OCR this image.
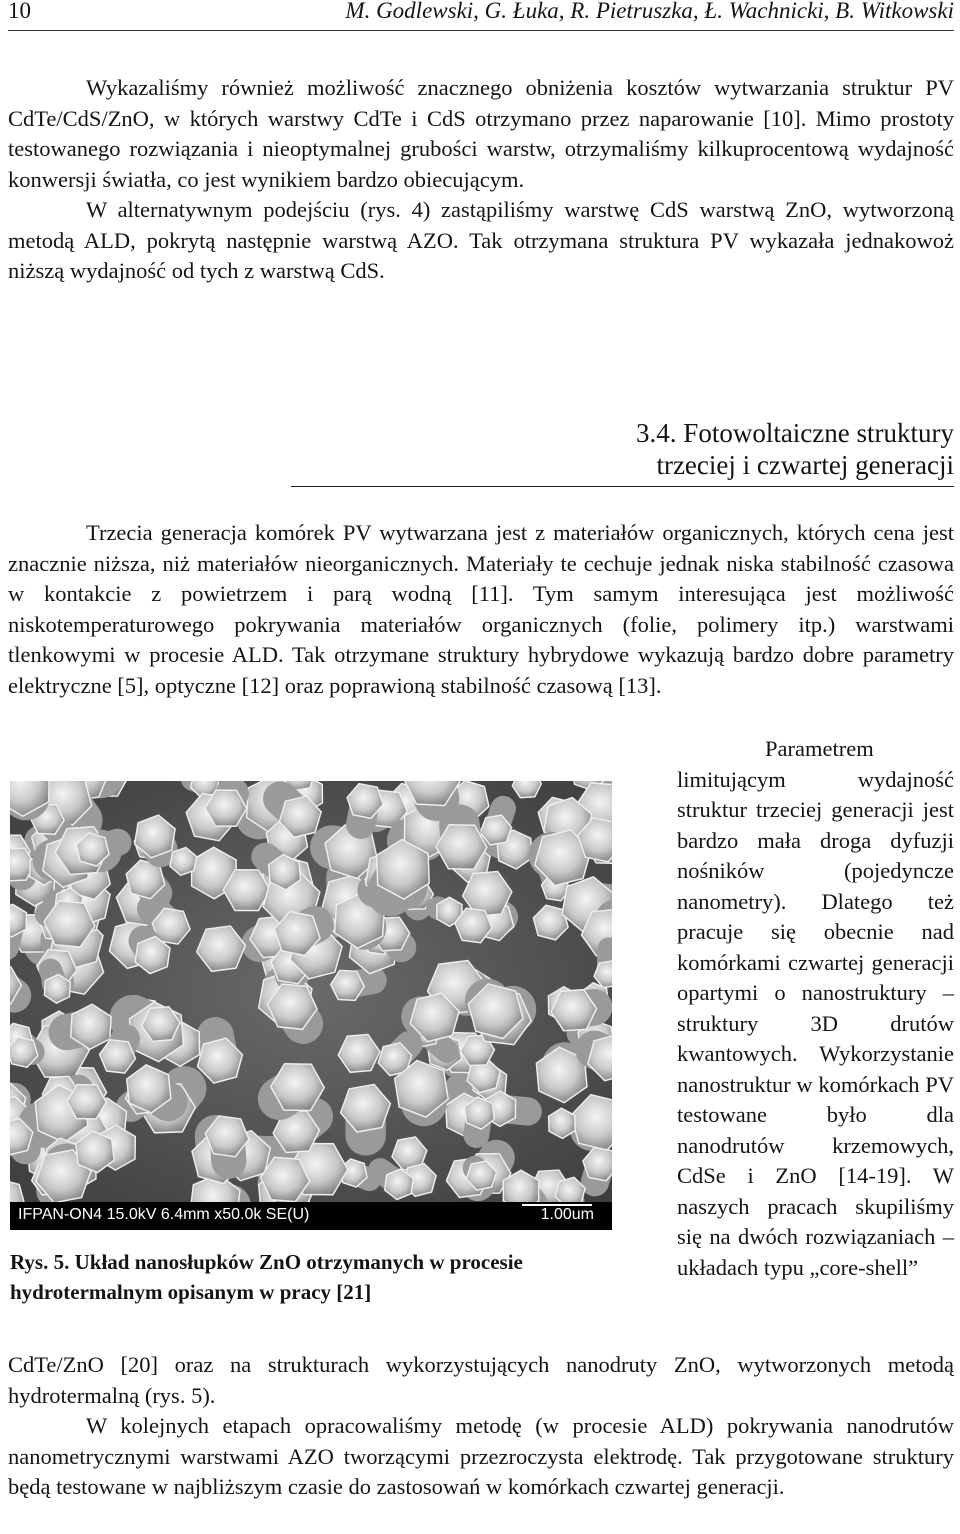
10	M. Godlewski, G. Łuka, R. Pietruszka, Ł. Wachnicki, B. Witkowski

Wykazaliśmy również możliwość znacznego obniżenia kosztów wytwarzania struktur PV CdTe/CdS/ZnO, w których warstwy CdTe i CdS otrzymano przez naparowanie [10]. Mimo prostoty testowanego rozwiązania i nieoptymalnej grubości warstw, otrzymaliśmy kilkuprocentową wydajność konwersji światła, co jest wynikiem bardzo obiecującym.

W alternatywnym podejściu (rys. 4) zastąpiliśmy warstwę CdS warstwą ZnO, wytworzoną metodą ALD, pokrytą następnie warstwą AZO. Tak otrzymana struktura PV wykazała jednakowoż niższą wydajność od tych z warstwą CdS.

3.4. Fotowoltaiczne struktury
trzeciej i czwartej generacji

Trzecia generacja komórek PV wytwarzana jest z materiałów organicznych, których cena jest znacznie niższa, niż materiałów nieorganicznych. Materiały te cechuje jednak niska stabilność czasowa w kontakcie z powietrzem i parą wodną [11]. Tym samym interesująca jest możliwość niskotemperaturowego pokrywania materiałów organicznych (folie, polimery itp.) warstwami tlenkowymi w procesie ALD. Tak otrzymane struktury hybrydowe wykazują bardzo dobre parametry elektryczne [5], optyczne [12] oraz poprawioną stabilność czasową [13].

Parametrem limitującym wydajność struktur trzeciej generacji jest bardzo mała droga dyfuzji nośników (pojedyncze nanometry). Dlatego też pracuje się obecnie nad komórkami czwartej generacji opartymi o nanostruktury – struktury 3D drutów kwantowych. Wykorzystanie nanostruktur w komórkach PV testowane było dla nanodrutów krzemowych, CdSe i ZnO [14-19]. W naszych pracach skupiliśmy się na dwóch rozwiązaniach – układach typu „core-shell”

IFPAN-ON4 15.0kV 6.4mm x50.0k SE(U)	1.00um
Rys. 5. Układ nanosłupków ZnO otrzymanych w procesie hydrotermalnym opisanym w pracy [21]

CdTe/ZnO [20] oraz na strukturach wykorzystujących nanodruty ZnO, wytworzonych metodą hydrotermalną (rys. 5).

W kolejnych etapach opracowaliśmy metodę (w procesie ALD) pokrywania nanodrutów nanometrycznymi warstwami AZO tworzącymi przezroczysta elektrodę. Tak przygotowane struktury będą testowane w najbliższym czasie do zastosowań w komórkach czwartej generacji.
